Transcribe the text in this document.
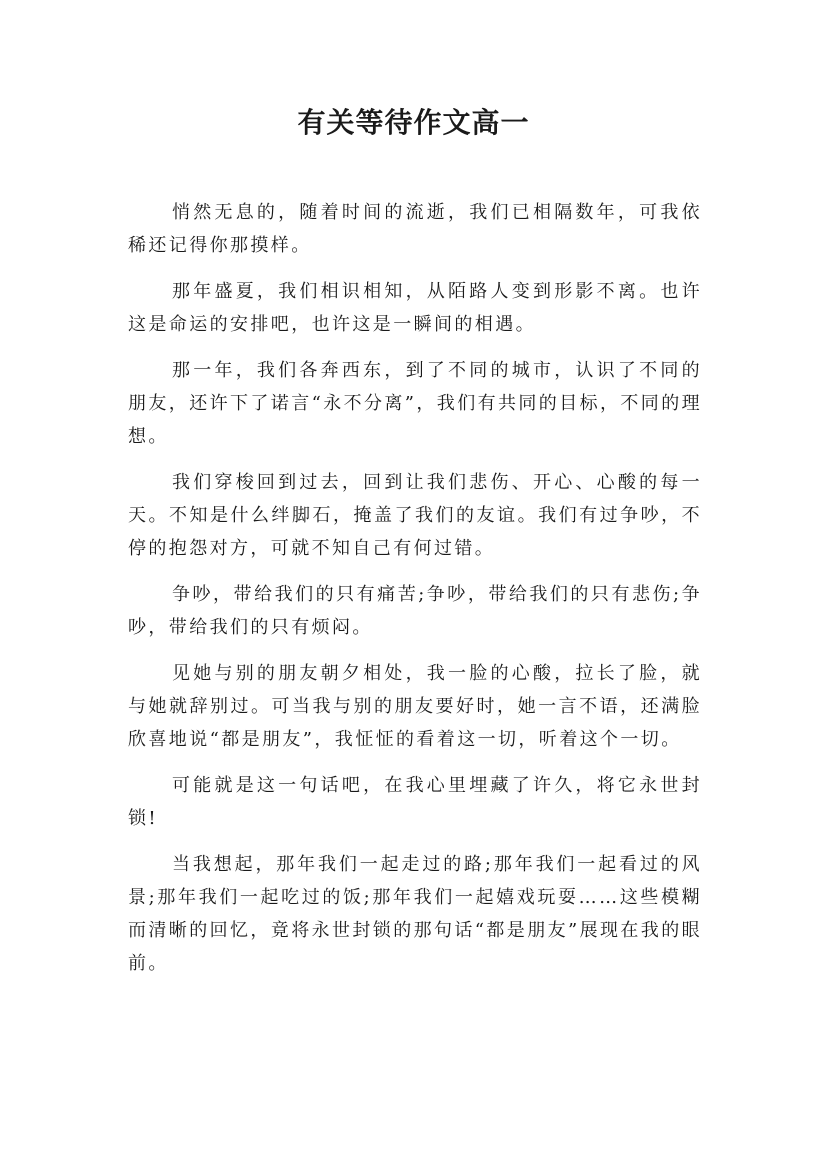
有关等待作文高一

悄然无息的，随着时间的流逝，我们已相隔数年，可我依稀还记得你那摸样。

那年盛夏，我们相识相知，从陌路人变到形影不离。也许这是命运的安排吧，也许这是一瞬间的相遇。

那一年，我们各奔西东，到了不同的城市，认识了不同的朋友，还许下了诺言“永不分离”，我们有共同的目标，不同的理想。

我们穿梭回到过去，回到让我们悲伤、开心、心酸的每一天。不知是什么绊脚石，掩盖了我们的友谊。我们有过争吵，不停的抱怨对方，可就不知自己有何过错。

争吵，带给我们的只有痛苦;争吵，带给我们的只有悲伤;争吵，带给我们的只有烦闷。

见她与别的朋友朝夕相处，我一脸的心酸，拉长了脸，就与她就辞别过。可当我与别的朋友要好时，她一言不语，还满脸欣喜地说“都是朋友”，我怔怔的看着这一切，听着这个一切。

可能就是这一句话吧，在我心里埋藏了许久，将它永世封锁!

当我想起，那年我们一起走过的路;那年我们一起看过的风景;那年我们一起吃过的饭;那年我们一起嬉戏玩耍……这些模糊而清晰的回忆，竟将永世封锁的那句话“都是朋友”展现在我的眼前。
